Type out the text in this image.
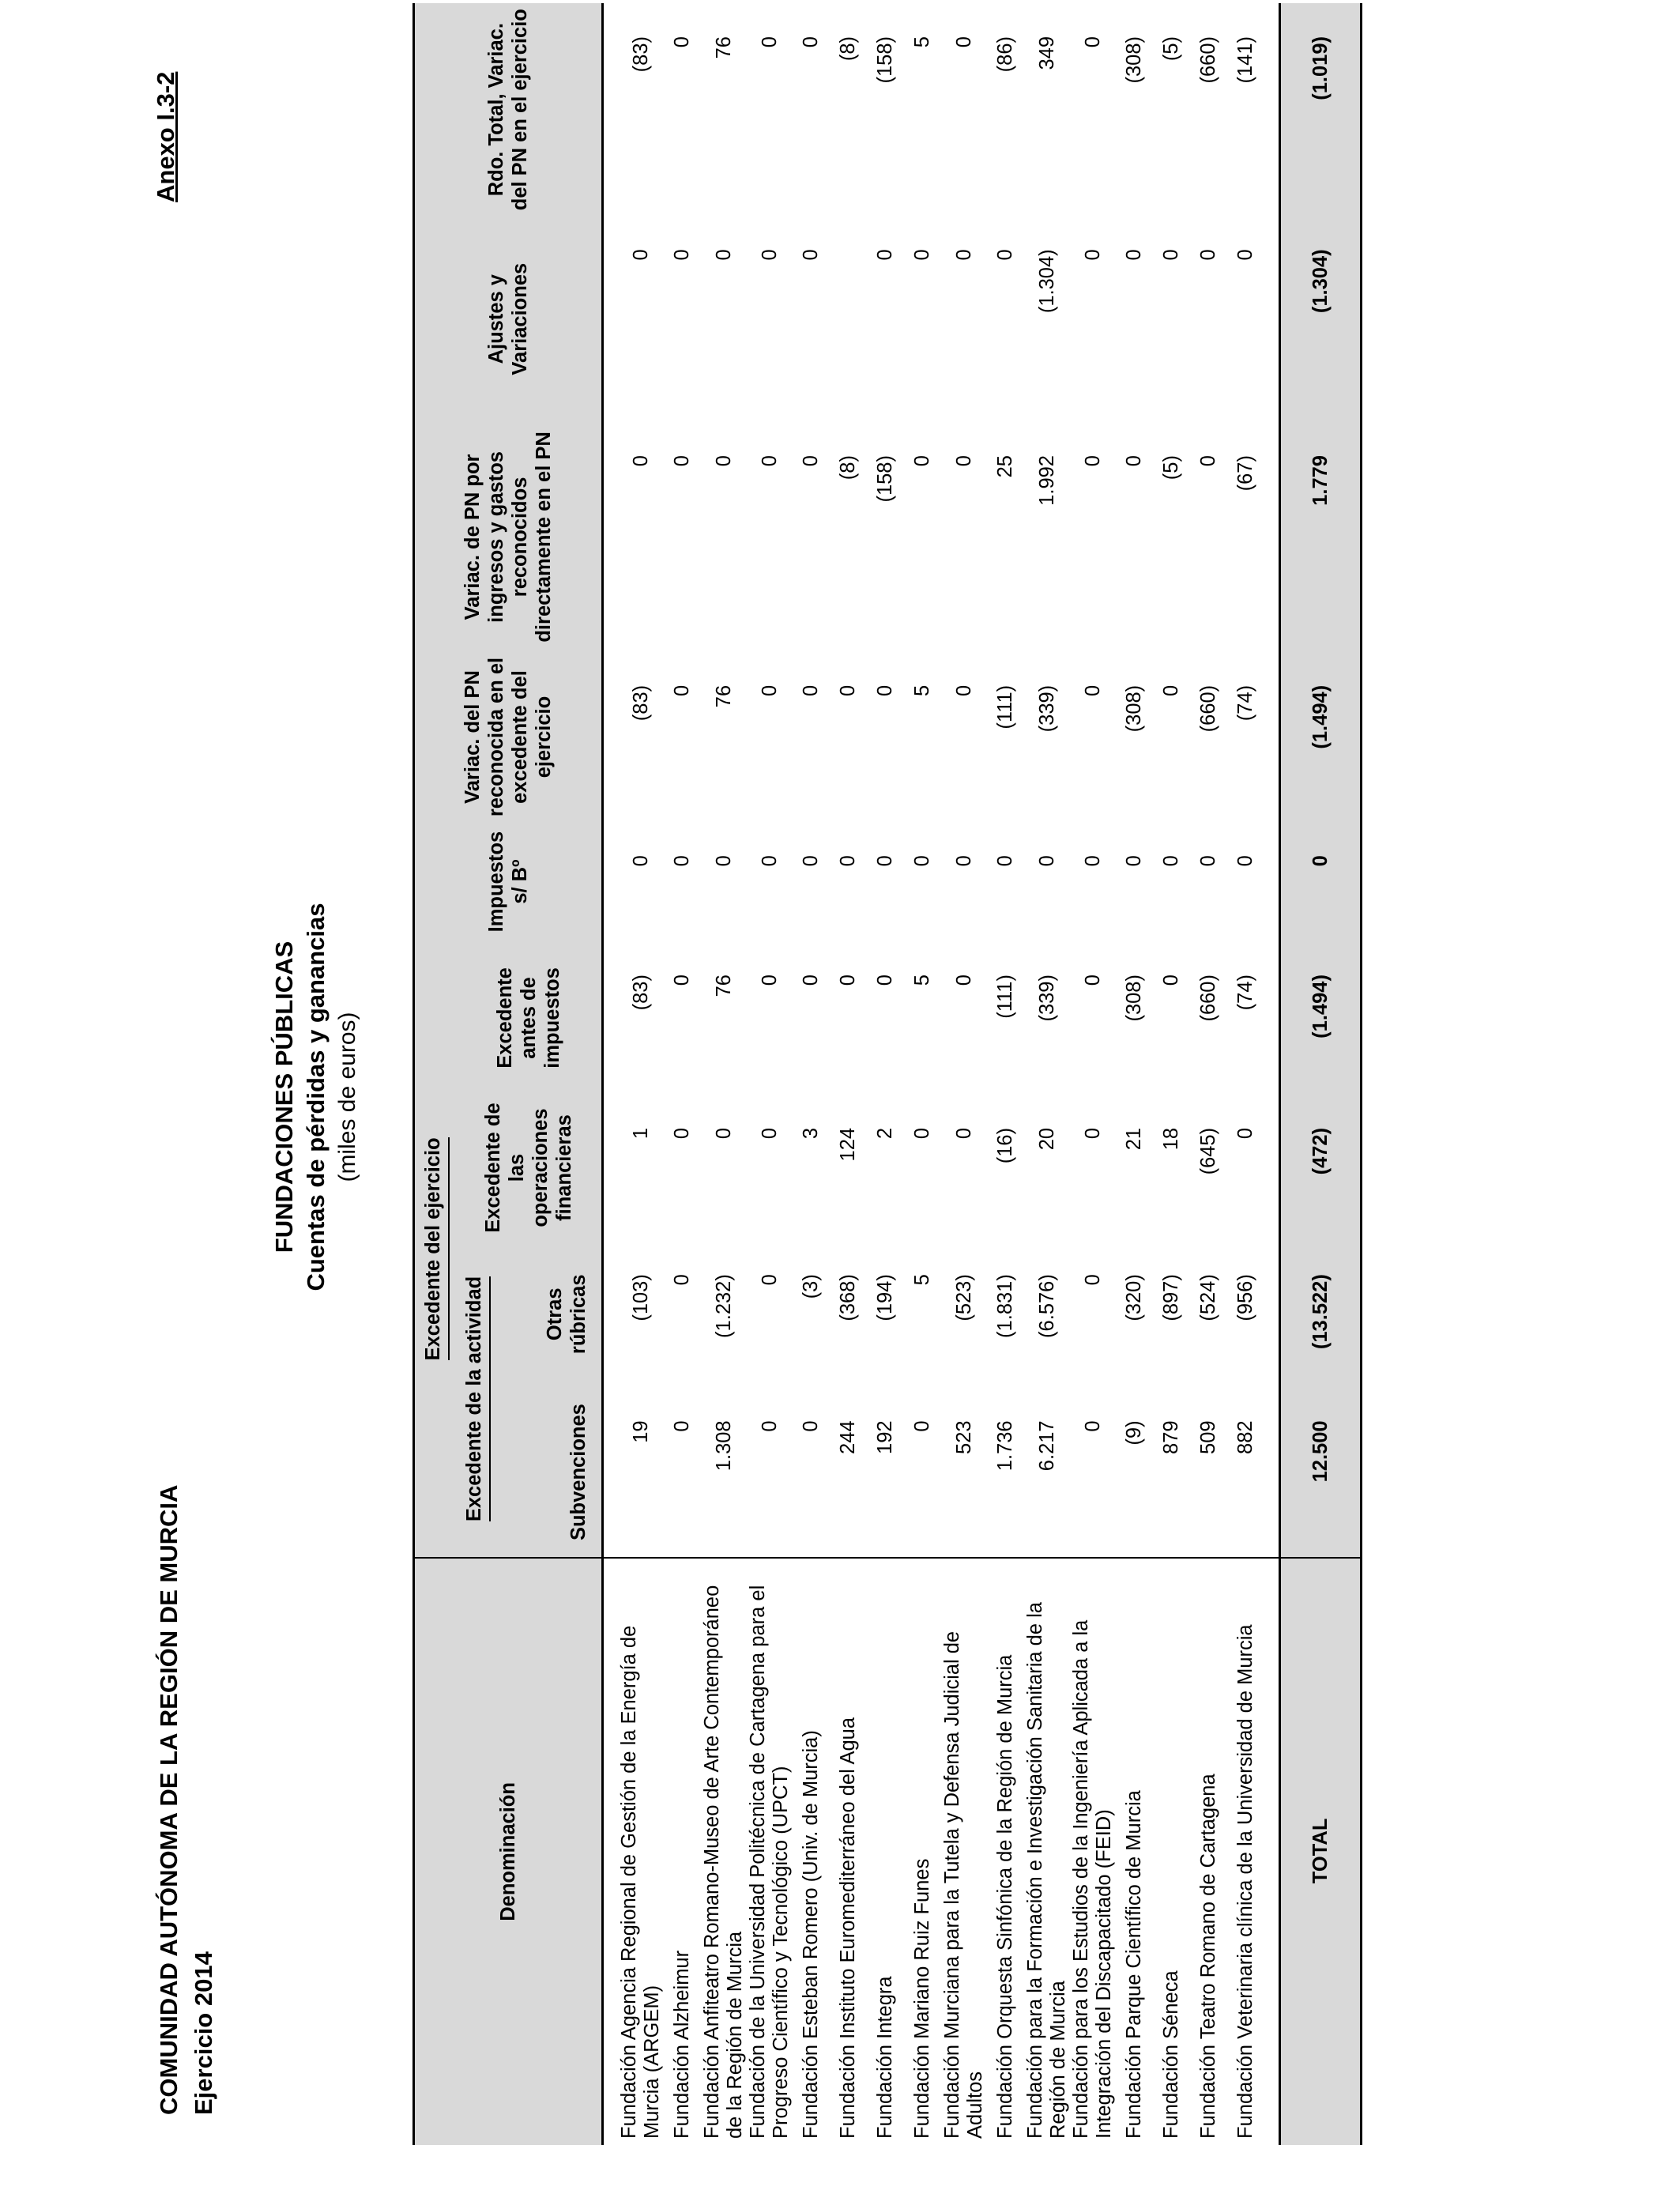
COMUNIDAD AUTÓNOMA DE LA REGIÓN DE MURCIA Ejercicio 2014
Anexo I.3-2
FUNDACIONES PÚBLICAS Cuentas de pérdidas y ganancias (miles de euros)
Denominación	Excedente del ejercicio				Impuestos s/ Bº	Variac. del PN reconocida en el excedente del ejercicio	Variac. de PN por ingresos y gastos reconocidos directamente en el PN	Ajustes y Variaciones	Rdo. Total, Variac. del PN en el ejercicio
	Excedente de la actividad		Excedente de las operaciones financieras	Excedente antes de impuestos					
	Subvenciones	Otras rúbricas							

Fundación Agencia Regional de Gestión de la Energía de Murcia (ARGEM)	19	(103)	1	(83)	0	(83)	0	0	(83)
Fundación Alzheimur	0	0	0	0	0	0	0	0	0
Fundación Anfiteatro Romano-Museo de Arte Contemporáneo de la Región de Murcia	1.308	(1.232)	0	76	0	76	0	0	76
Fundación de la Universidad Politécnica de Cartagena para el Progreso Científico y Tecnológico (UPCT)	0	0	0	0	0	0	0	0	0
Fundación Esteban Romero (Univ. de Murcia)	0	(3)	3	0	0	0	0	0	0
Fundación Instituto Euromediterráneo del Agua	244	(368)	124	0	0	0	(8)		(8)
Fundación Integra	192	(194)	2	0	0	0	(158)	0	(158)
Fundación Mariano Ruiz Funes	0	5	0	5	0	5	0	0	5
Fundación Murciana para la Tutela y Defensa Judicial de Adultos	523	(523)	0	0	0	0	0	0	0
Fundación Orquesta Sinfónica de la Región de Murcia	1.736	(1.831)	(16)	(111)	0	(111)	25	0	(86)
Fundación para la Formación e Investigación Sanitaria de la Región de Murcia	6.217	(6.576)	20	(339)	0	(339)	1.992	(1.304)	349
Fundación para los Estudios de la Ingeniería Aplicada a la Integración del Discapacitado (FEID)	0	0	0	0	0	0	0	0	0
Fundación Parque Científico de Murcia	(9)	(320)	21	(308)	0	(308)	0	0	(308)
Fundación Séneca	879	(897)	18	0	0	0	(5)	0	(5)
Fundación Teatro Romano de Cartagena	509	(524)	(645)	(660)	0	(660)	0	0	(660)
Fundación Veterinaria clínica de la Universidad de Murcia	882	(956)	0	(74)	0	(74)	(67)	0	(141)

TOTAL	12.500	(13.522)	(472)	(1.494)	0	(1.494)	1.779	(1.304)	(1.019)
